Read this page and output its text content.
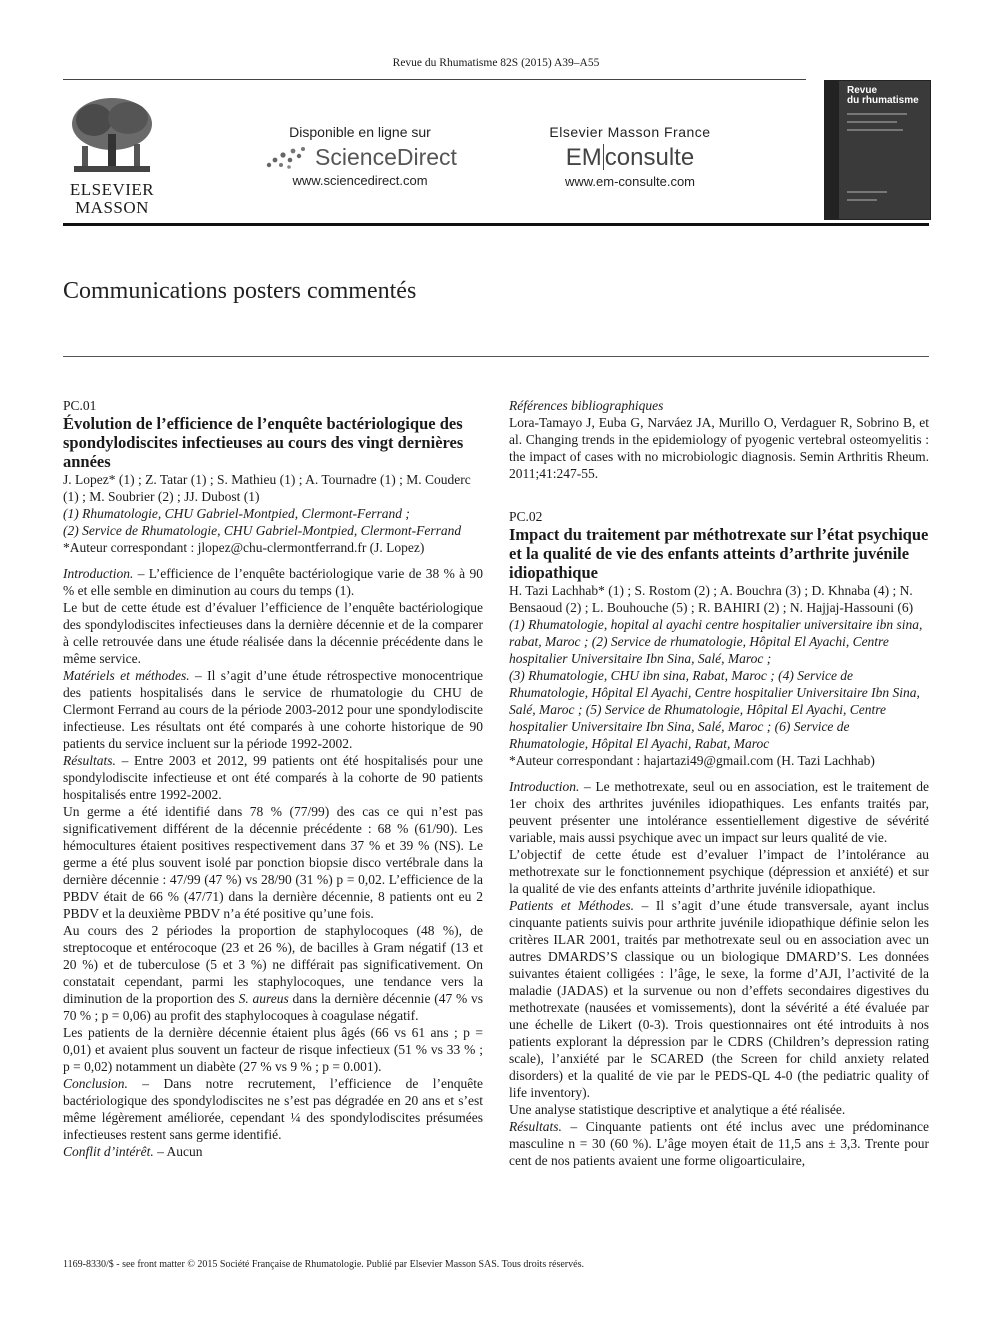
Revue du Rhumatisme 82S (2015) A39–A55
ELSEVIER
MASSON
Disponible en ligne sur
ScienceDirect
www.sciencedirect.com
Elsevier Masson France
EM consulte
www.em-consulte.com
Revue
du rhumatisme
Communications posters commentés

PC.01

Évolution de l’efficience de l’enquête bactériologique des spondylodiscites infectieuses au cours des vingt dernières années

J. Lopez* (1) ; Z. Tatar (1) ; S. Mathieu (1) ; A. Tournadre (1) ; M. Couderc (1) ; M. Soubrier (2) ; JJ. Dubost (1)

(1) Rhumatologie, CHU Gabriel-Montpied, Clermont-Ferrand ;

(2) Service de Rhumatologie, CHU Gabriel-Montpied, Clermont-Ferrand

*Auteur correspondant : jlopez@chu-clermontferrand.fr (J. Lopez)

Introduction. – L’efficience de l’enquête bactériologique varie de 38 % à 90 % et elle semble en diminution au cours du temps (1).

Le but de cette étude est d’évaluer l’efficience de l’enquête bactériologique des spondylodiscites infectieuses dans la dernière décennie et de la comparer à celle retrouvée dans une étude réalisée dans la décennie précédente dans le même service.

Matériels et méthodes. – Il s’agit d’une étude rétrospective monocentrique des patients hospitalisés dans le service de rhumatologie du CHU de Clermont Ferrand au cours de la période 2003-2012 pour une spondylodiscite infectieuse. Les résultats ont été comparés à une cohorte historique de 90 patients du service incluent sur la période 1992-2002.

Résultats. – Entre 2003 et 2012, 99 patients ont été hospitalisés pour une spondylodiscite infectieuse et ont été comparés à la cohorte de 90 patients hospitalisés entre 1992-2002.

Un germe a été identifié dans 78 % (77/99) des cas ce qui n’est pas significativement différent de la décennie précédente : 68 % (61/90). Les hémocultures étaient positives respectivement dans 37 % et 39 % (NS). Le germe a été plus souvent isolé par ponction biopsie disco vertébrale dans la dernière décennie : 47/99 (47 %) vs 28/90 (31 %) p = 0,02. L’efficience de la PBDV était de 66 % (47/71) dans la dernière décennie, 8 patients ont eu 2 PBDV et la deuxième PBDV n’a été positive qu’une fois.

Au cours des 2 périodes la proportion de staphylocoques (48 %), de streptocoque et entérocoque (23 et 26 %), de bacilles à Gram négatif (13 et 20 %) et de tuberculose (5 et 3 %) ne différait pas significativement. On constatait cependant, parmi les staphylocoques, une tendance vers la diminution de la proportion des S. aureus dans la dernière décennie (47 % vs 70 % ; p = 0,06) au profit des staphylocoques à coagulase négatif.

Les patients de la dernière décennie étaient plus âgés (66 vs 61 ans ; p = 0,01) et avaient plus souvent un facteur de risque infectieux (51 % vs 33 % ; p = 0,02) notamment un diabète (27 % vs 9 % ; p = 0.001).

Conclusion. – Dans notre recrutement, l’efficience de l’enquête bactériologique des spondylodiscites ne s’est pas dégradée en 20 ans et s’est même légèrement améliorée, cependant ¼ des spondylodiscites présumées infectieuses restent sans germe identifié.

Conflit d’intérêt. – Aucun

Références bibliographiques

Lora-Tamayo J, Euba G, Narváez JA, Murillo O, Verdaguer R, Sobrino B, et al. Changing trends in the epidemiology of pyogenic vertebral osteomyelitis : the impact of cases with no microbiologic diagnosis. Semin Arthritis Rheum. 2011;41:247-55.

PC.02

Impact du traitement par méthotrexate sur l’état psychique et la qualité de vie des enfants atteints d’arthrite juvénile idiopathique

H. Tazi Lachhab* (1) ; S. Rostom (2) ; A. Bouchra (3) ; D. Khnaba (4) ; N. Bensaoud (2) ; L. Bouhouche (5) ; R. BAHIRI (2) ; N. Hajjaj-Hassouni (6)

(1) Rhumatologie, hopital al ayachi centre hospitalier universitaire ibn sina, rabat, Maroc ; (2) Service de rhumatologie, Hôpital El Ayachi, Centre hospitalier Universitaire Ibn Sina, Salé, Maroc ;

(3) Rhumatologie, CHU ibn sina, Rabat, Maroc ; (4) Service de Rhumatologie, Hôpital El Ayachi, Centre hospitalier Universitaire Ibn Sina, Salé, Maroc ; (5) Service de Rhumatologie, Hôpital El Ayachi, Centre hospitalier Universitaire Ibn Sina, Salé, Maroc ; (6) Service de Rhumatologie, Hôpital El Ayachi, Rabat, Maroc

*Auteur correspondant : hajartazi49@gmail.com (H. Tazi Lachhab)

Introduction. – Le methotrexate, seul ou en association, est le traitement de 1er choix des arthrites juvéniles idiopathiques. Les enfants traités par, peuvent présenter une intolérance essentiellement digestive de sévérité variable, mais aussi psychique avec un impact sur leurs qualité de vie.

L’objectif de cette étude est d’evaluer l’impact de l’intolérance au methotrexate sur le fonctionnement psychique (dépression et anxiété) et sur la qualité de vie des enfants atteints d’arthrite juvénile idiopathique.

Patients et Méthodes. – Il s’agit d’une étude transversale, ayant inclus cinquante patients suivis pour arthrite juvénile idiopathique définie selon les critères ILAR 2001, traités par methotrexate seul ou en association avec un autres DMARDS’S classique ou un biologique DMARD’S. Les données suivantes étaient colligées : l’âge, le sexe, la forme d’AJI, l’activité de la maladie (JADAS) et la survenue ou non d’effets secondaires digestives du methotrexate (nausées et vomissements), dont la sévérité a été évaluée par une échelle de Likert (0-3). Trois questionnaires ont été introduits à nos patients explorant la dépression par le CDRS (Children’s depression rating scale), l’anxiété par le SCARED (the Screen for child anxiety related disorders) et la qualité de vie par le PEDS-QL 4-0 (the pediatric quality of life inventory).

Une analyse statistique descriptive et analytique a été réalisée.

Résultats. – Cinquante patients ont été inclus avec une prédominance masculine n = 30 (60 %). L’âge moyen était de 11,5 ans ± 3,3. Trente pour cent de nos patients avaient une forme oligoarticulaire,

1169-8330/$ - see front matter © 2015 Société Française de Rhumatologie. Publié par Elsevier Masson SAS. Tous droits réservés.
